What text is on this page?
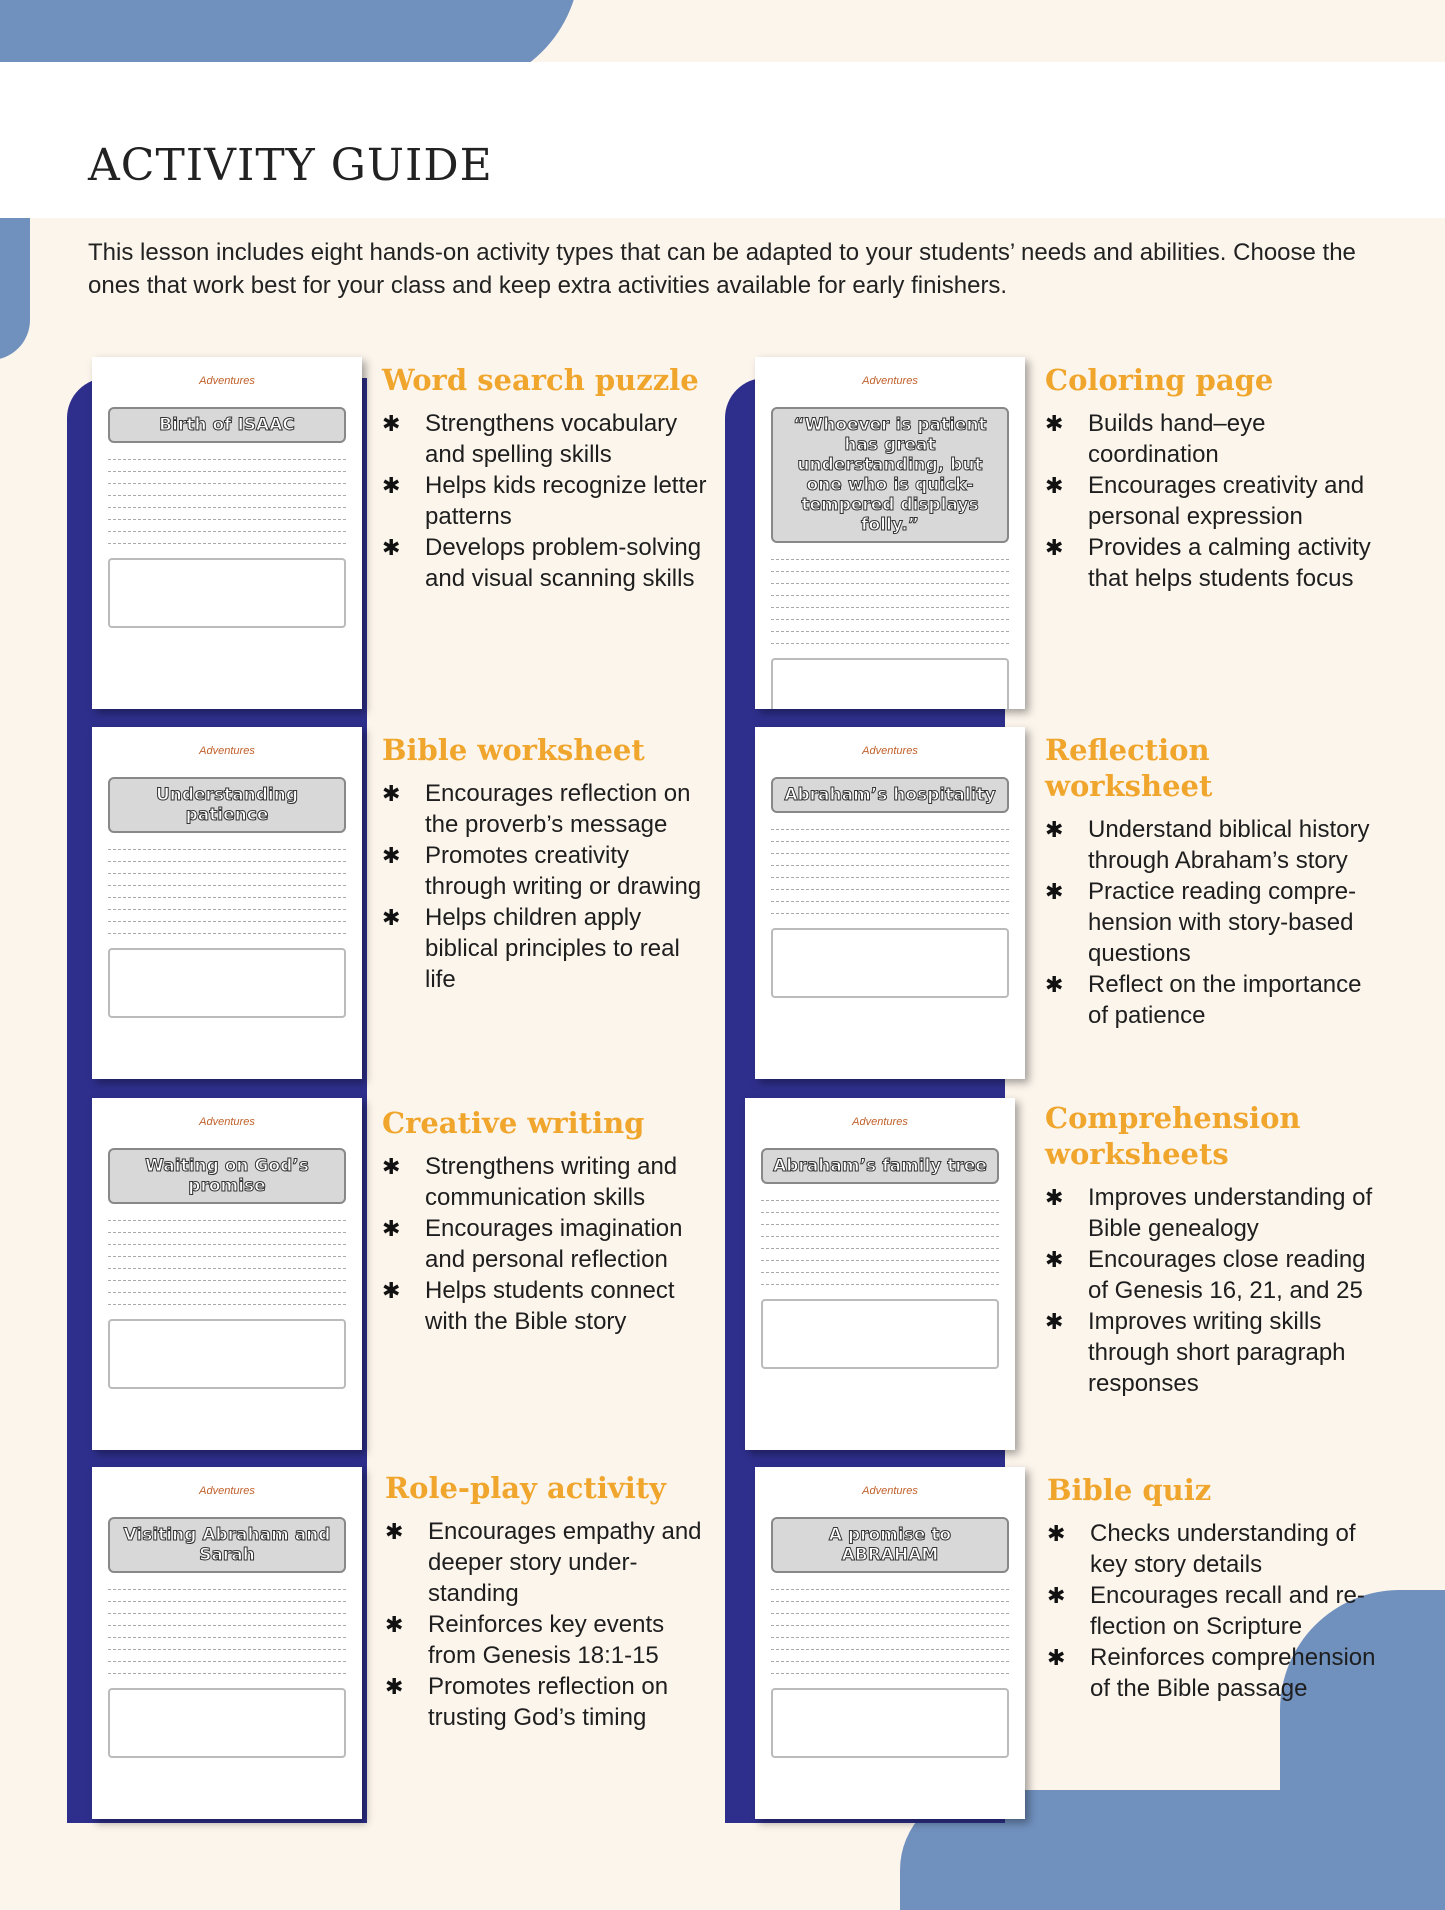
ACTIVITY GUIDE

This lesson includes eight hands-on activity types that can be adapted to your students’ needs and abilities. Choose the ones that work best for your class and keep extra activities available for early finishers.

Adventures
Birth of ISAAC
Word search puzzle
✱ Strengthens vocabulary and spelling skills
✱ Helps kids recognize letter patterns
✱ Develops problem-solving and visual scanning skills
Adventures
“Whoever is patient has great understanding, but one who is quick-tempered displays folly.”
Coloring page
✱ Builds hand–eye coordination
✱ Encourages creativity and personal expression
✱ Provides a calming activity that helps students focus
Adventures
Understanding patience
Bible worksheet
✱ Encourages reflection on the proverb’s message
✱ Promotes creativity through writing or drawing
✱ Helps children apply biblical principles to real life
Adventures
Abraham’s hospitality
Reflection worksheet
✱ Understand biblical history through Abraham’s story
✱ Practice reading compre-hension with story-based questions
✱ Reflect on the importance of patience
Adventures
Waiting on God’s promise
Creative writing
✱ Strengthens writing and communication skills
✱ Encourages imagination and personal reflection
✱ Helps students connect with the Bible story
Adventures
Abraham’s family tree
Comprehension worksheets
✱ Improves understanding of Bible genealogy
✱ Encourages close reading of Genesis 16, 21, and 25
✱ Improves writing skills through short paragraph responses
Adventures
Visiting Abraham and Sarah
Role-play activity
✱ Encourages empathy and deeper story under-standing
✱ Reinforces key events from Genesis 18:1-15
✱ Promotes reflection on trusting God’s timing
Adventures
A promise to ABRAHAM
Bible quiz
✱ Checks understanding of key story details
✱ Encourages recall and re-flection on Scripture
✱ Reinforces comprehension of the Bible passage
